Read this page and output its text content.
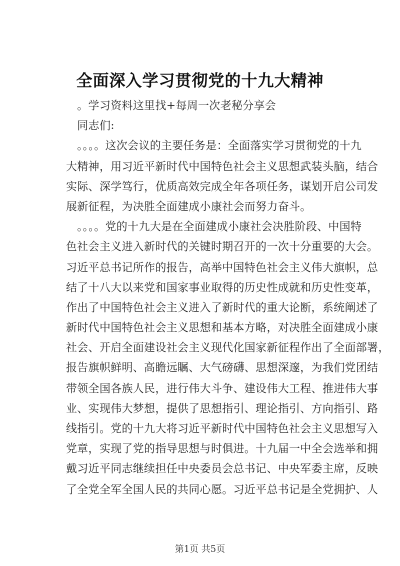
全面深入学习贯彻党的十九大精神
　。学习资料这里找+每周一次老秘分享会
　同志们:
　。。。。这次会议的主要任务是：全面落实学习贯彻党的十九
大精神，用习近平新时代中国特色社会主义思想武装头脑，结合
实际、深学笃行，优质高效完成全年各项任务，谋划开启公司发
展新征程，为决胜全面建成小康社会而努力奋斗。
　。。。。党的十九大是在全面建成小康社会决胜阶段、中国特
色社会主义进入新时代的关键时期召开的一次十分重要的大会。
习近平总书记所作的报告，高举中国特色社会主义伟大旗帜，总
结了十八大以来党和国家事业取得的历史性成就和历史性变革，
作出了中国特色社会主义进入了新时代的重大论断，系统阐述了
新时代中国特色社会主义思想和基本方略，对决胜全面建成小康
社会、开启全面建设社会主义现代化国家新征程作出了全面部署，
报告旗帜鲜明、高瞻远瞩、大气磅礴、思想深邃，为我们党团结
带领全国各族人民，进行伟大斗争、建设伟大工程、推进伟大事
业、实现伟大梦想，提供了思想指引、理论指引、方向指引、路
线指引。党的十九大将习近平新时代中国特色社会主义思想写入
党章，实现了党的指导思想与时俱进。十九届一中全会选举和拥
戴习近平同志继续担任中央委员会总书记、中央军委主席，反映
了全党全军全国人民的共同心愿。习近平总书记是全党拥护、人
第1页 共5页
